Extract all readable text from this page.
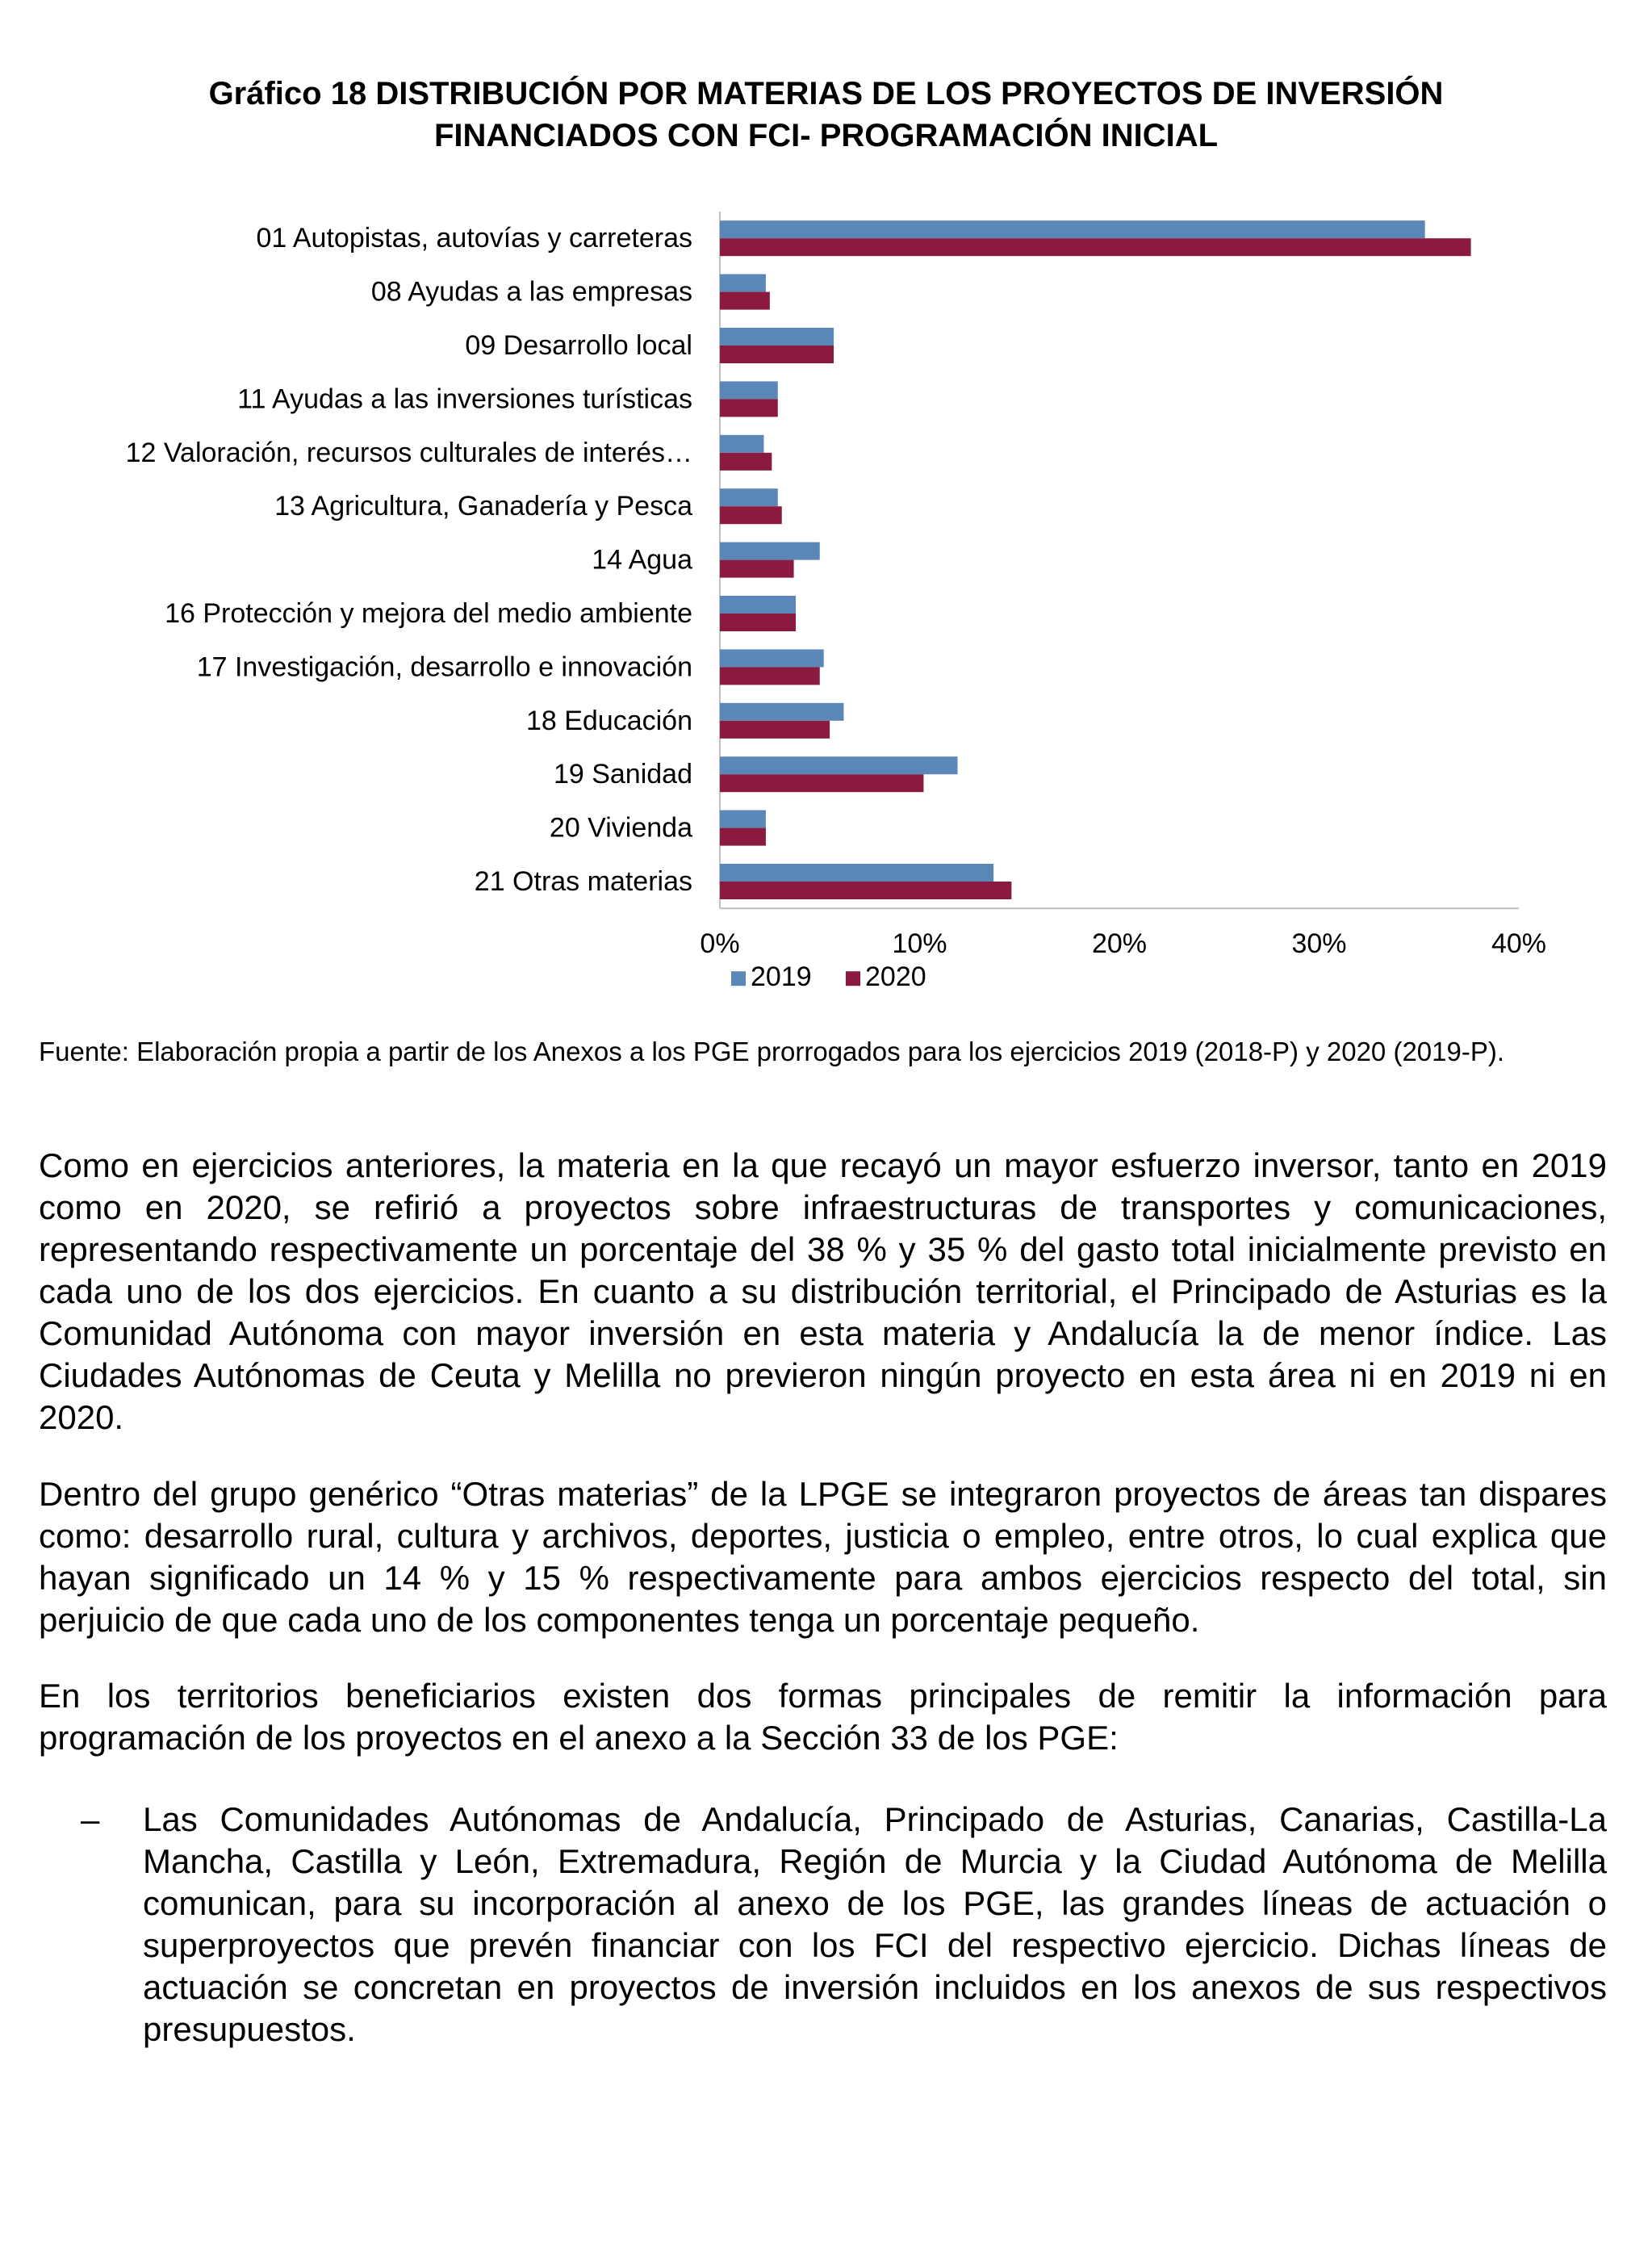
Gráfico 18 DISTRIBUCIÓN POR MATERIAS DE LOS PROYECTOS DE INVERSIÓN
FINANCIADOS CON FCI- PROGRAMACIÓN INICIAL
01 Autopistas, autovías y carreteras
08 Ayudas a las empresas
09 Desarrollo local
11 Ayudas a las inversiones turísticas
12 Valoración, recursos culturales de interés…
13 Agricultura, Ganadería y Pesca
14 Agua
16 Protección y mejora del medio ambiente
17 Investigación, desarrollo e innovación
18 Educación
19 Sanidad
20 Vivienda
21 Otras materias
0%	10%	20%	30%	40%
2019 2020
Fuente: Elaboración propia a partir de los Anexos a los PGE prorrogados para los ejercicios 2019 (2018-P) y 2020 (2019-P).
Como en ejercicios anteriores, la materia en la que recayó un mayor esfuerzo inversor, tanto en 2019 como en 2020, se refirió a proyectos sobre infraestructuras de transportes y comunicaciones, representando respectivamente un porcentaje del 38 % y 35 % del gasto total inicialmente previsto en cada uno de los dos ejercicios. En cuanto a su distribución territorial, el Principado de Asturias es la Comunidad Autónoma con mayor inversión en esta materia y Andalucía la de menor índice. Las Ciudades Autónomas de Ceuta y Melilla no previeron ningún proyecto en esta área ni en 2019 ni en 2020.
Dentro del grupo genérico “Otras materias” de la LPGE se integraron proyectos de áreas tan dispares como: desarrollo rural, cultura y archivos, deportes, justicia o empleo, entre otros, lo cual explica que hayan significado un 14 % y 15 % respectivamente para ambos ejercicios respecto del total, sin perjuicio de que cada uno de los componentes tenga un porcentaje pequeño.
En los territorios beneficiarios existen dos formas principales de remitir la información para programación de los proyectos en el anexo a la Sección 33 de los PGE:
– Las Comunidades Autónomas de Andalucía, Principado de Asturias, Canarias, Castilla-La Mancha, Castilla y León, Extremadura, Región de Murcia y la Ciudad Autónoma de Melilla comunican, para su incorporación al anexo de los PGE, las grandes líneas de actuación o superproyectos que prevén financiar con los FCI del respectivo ejercicio. Dichas líneas de actuación se concretan en proyectos de inversión incluidos en los anexos de sus respectivos presupuestos.
